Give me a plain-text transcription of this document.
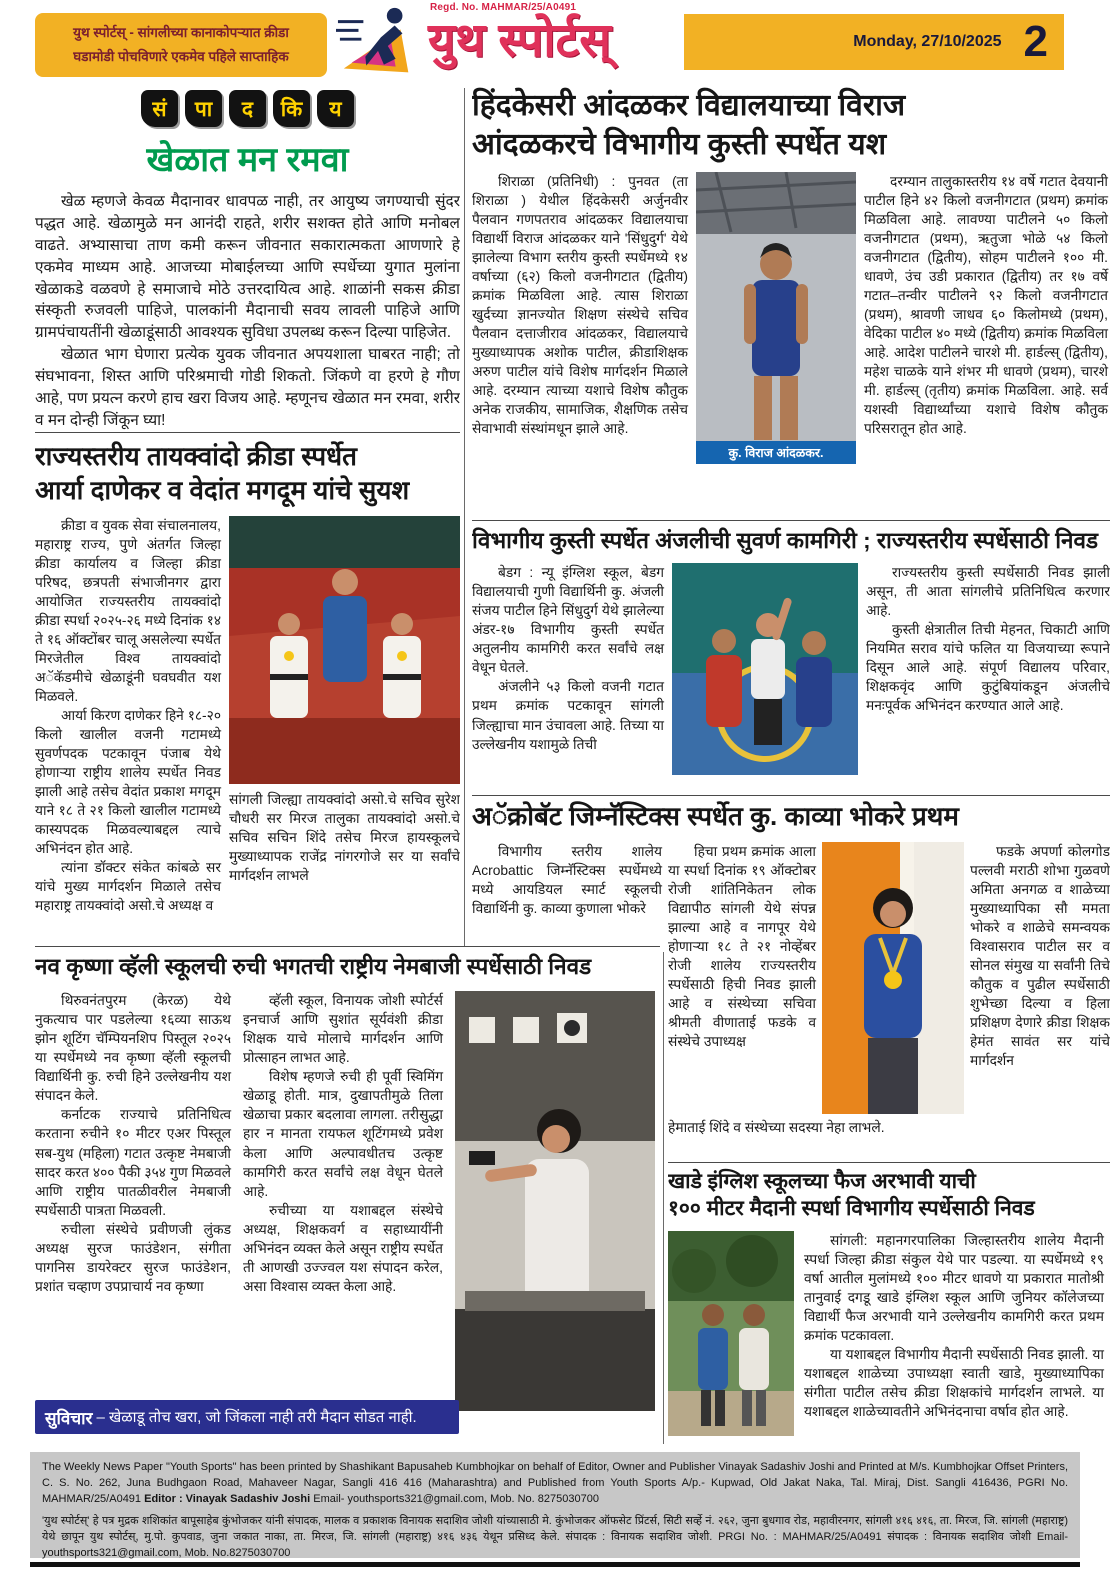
युथ स्पोर्टस् - सांगलीच्या कानाकोपऱ्यात क्रीडा
घडामोडी पोचविणारे एकमेव पहिले साप्ताहिक
Regd. No. MAHMAR/25/A0491
युथ स्पोर्टस्	Monday, 27/10/2025 2
सं	पा	द	कि	य
खेळात मन रमवा

खेळ म्हणजे केवळ मैदानावर धावपळ नाही, तर आयुष्य जगण्याची सुंदर पद्धत आहे. खेळामुळे मन आनंदी राहते, शरीर सशक्त होते आणि मनोबल वाढते. अभ्यासाचा ताण कमी करून जीवनात सकारात्मकता आणणारे हे एकमेव माध्यम आहे. आजच्या मोबाईलच्या आणि स्पर्धेच्या युगात मुलांना खेळाकडे वळवणे हे समाजाचे मोठे उत्तरदायित्व आहे. शाळांनी सकस क्रीडा संस्कृती रुजवली पाहिजे, पालकांनी मैदानाची सवय लावली पाहिजे आणि ग्रामपंचायतींनी खेळाडूंसाठी आवश्यक सुविधा उपलब्ध करून दिल्या पाहिजेत.

खेळात भाग घेणारा प्रत्येक युवक जीवनात अपयशाला घाबरत नाही; तो संघभावना, शिस्त आणि परिश्रमाची गोडी शिकतो. जिंकणे वा हरणे हे गौण आहे, पण प्रयत्न करणे हाच खरा विजय आहे. म्हणूनच खेळात मन रमवा, शरीर व मन दोन्ही जिंकून घ्या!

राज्यस्तरीय तायक्वांदो क्रीडा स्पर्धेत
आर्या दाणेकर व वेदांत मगदूम यांचे सुयश

क्रीडा व युवक सेवा संचालनालय, महाराष्ट्र राज्य, पुणे अंतर्गत जिल्हा क्रीडा कार्यालय व जिल्हा क्रीडा परिषद, छत्रपती संभाजीनगर द्वारा आयोजित राज्यस्तरीय तायक्वांदो क्रीडा स्पर्धा २०२५-२६ मध्ये दिनांक १४ ते १६ ऑक्टोंबर चालू असलेल्या स्पर्धेत मिरजेतील विश्व तायक्वांदो अॅकॅडमीचे खेळाडूंनी घवघवीत यश मिळवले.

आर्या किरण दाणेकर हिने १८-२० किलो खालील वजनी गटामध्ये सुवर्णपदक पटकावून पंजाब येथे होणाऱ्या राष्ट्रीय शालेय स्पर्धेत निवड झाली आहे तसेच वेदांत प्रकाश मगदूम याने १८ ते २१ किलो खालील गटामध्ये कास्यपदक मिळवल्याबद्दल त्याचे अभिनंदन होत आहे.

त्यांना डॉक्टर संकेत कांबळे सर यांचे मुख्य मार्गदर्शन मिळाले तसेच महाराष्ट्र तायक्वांदो असो.चे अध्यक्ष व

सांगली जिल्ह्या तायक्वांदो असो.चे सचिव सुरेश चौधरी सर मिरज तालुका तायक्वांदो असो.चे सचिव सचिन शिंदे तसेच मिरज हायस्कूलचे मुख्याध्यापक राजेंद्र नांगरगोजे सर या सर्वांचे मार्गदर्शन लाभले
हिंदकेसरी आंदळकर विद्यालयाच्या विराज
आंदळकरचे विभागीय कुस्ती स्पर्धेत यश

शिराळा (प्रतिनिधी) : पुनवत (ता शिराळा ) येथील हिंदकेसरी अर्जुनवीर पैलवान गणपतराव आंदळकर विद्यालयाचा विद्यार्थी विराज आंदळकर याने 'सिंधुदुर्ग' येथे झालेल्या विभाग स्तरीय कुस्ती स्पर्धेमध्ये १४ वर्षाच्या (६२) किलो वजनीगटात (द्वितीय) क्रमांक मिळविला आहे. त्यास शिराळा खुर्दच्या ज्ञानज्योत शिक्षण संस्थेचे सचिव पैलवान दत्ताजीराव आंदळकर, विद्यालयाचे मुख्याध्यापक अशोक पाटील, क्रीडाशिक्षक अरुण पाटील यांचे विशेष मार्गदर्शन मिळाले आहे. दरम्यान त्याच्या यशाचे विशेष कौतुक अनेक राजकीय, सामाजिक, शैक्षणिक तसेच सेवाभावी संस्थांमधून झाले आहे.

कु. विराज आंदळकर.

दरम्यान तालुकास्तरीय १४ वर्षे गटात देवयानी पाटील हिने ४२ किलो वजनीगटात (प्रथम) क्रमांक मिळविला आहे. लावण्या पाटीलने ५० किलो वजनीगटात (प्रथम), ऋतुजा भोळे ५४ किलो वजनीगटात (द्वितीय), सोहम पाटीलने १०० मी. धावणे, उंच उडी प्रकारात (द्वितीय) तर १७ वर्षे गटात–तन्वीर पाटीलने ९२ किलो वजनीगटात (प्रथम), श्रावणी जाधव ६० किलोमध्ये (प्रथम), वेदिका पाटील ४० मध्ये (द्वितीय) क्रमांक मिळविला आहे. आदेश पाटीलने चारशे मी. हार्डल्स् (द्वितीय), महेश चाळके याने शंभर मी धावणे (प्रथम), चारशे मी. हार्डल्स् (तृतीय) क्रमांक मिळविला. आहे. सर्व यशस्वी विद्यार्थ्यांच्या यशाचे विशेष कौतुक परिसरातून होत आहे.

विभागीय कुस्ती स्पर्धेत अंजलीची सुवर्ण कामगिरी ; राज्यस्तरीय स्पर्धेसाठी निवड

बेडग : न्यू इंग्लिश स्कूल, बेडग विद्यालयाची गुणी विद्यार्थिनी कु. अंजली संजय पाटील हिने सिंधुदुर्ग येथे झालेल्या अंडर-१७ विभागीय कुस्ती स्पर्धेत अतुलनीय कामगिरी करत सर्वांचे लक्ष वेधून घेतले.

अंजलीने ५३ किलो वजनी गटात प्रथम क्रमांक पटकावून सांगली जिल्ह्याचा मान उंचावला आहे. तिच्या या उल्लेखनीय यशामुळे तिची

राज्यस्तरीय कुस्ती स्पर्धेसाठी निवड झाली असून, ती आता सांगलीचे प्रतिनिधित्व करणार आहे.

कुस्ती क्षेत्रातील तिची मेहनत, चिकाटी आणि नियमित सराव यांचे फलित या विजयाच्या रूपाने दिसून आले आहे. संपूर्ण विद्यालय परिवार, शिक्षकवृंद आणि कुटुंबियांकडून अंजलीचे मनःपूर्वक अभिनंदन करण्यात आले आहे.

अॅक्रोबॅट जिम्नॅस्टिक्स स्पर्धेत कु. काव्या भोकरे प्रथम

विभागीय स्तरीय शालेय Acrobattic जिम्नॅस्टिक्स स्पर्धेमध्ये मध्ये आयडियल स्मार्ट स्कूलची विद्यार्थिनी कु. काव्या कुणाला भोकरे

हिचा प्रथम क्रमांक आला या स्पर्धा दिनांक १९ ऑक्टोबर रोजी शांतिनिकेतन लोक विद्यापीठ सांगली येथे संपन्न झाल्या आहे व नागपूर येथे होणाऱ्या १८ ते २१ नोव्हेंबर रोजी शालेय राज्यस्तरीय स्पर्धेसाठी हिची निवड झाली आहे व संस्थेच्या सचिवा श्रीमती वीणाताई फडके व संस्थेचे उपाध्यक्ष

फडके अपर्णा कोलगोड पल्लवी मराठी शोभा गुळवणे अमिता अनगळ व शाळेच्या मुख्याध्यापिका सौ ममता भोकरे व शाळेचे समन्वयक विश्वासराव पाटील सर व सोनल संमुख या सर्वांनी तिचे कौतुक व पुढील स्पर्धेसाठी शुभेच्छा दिल्या व हिला प्रशिक्षण देणारे क्रीडा शिक्षक हेमंत सावंत सर यांचे मार्गदर्शन

हेमाताई शिंदे व संस्थेच्या सदस्या नेहा लाभले.
नव कृष्णा व्हॅली स्कूलची रुची भगतची राष्ट्रीय नेमबाजी स्पर्धेसाठी निवड

थिरुवनंतपुरम (केरळ) येथे नुकत्याच पार पडलेल्या १६व्या साऊथ झोन शूटिंग चॅम्पियनशिप पिस्तूल २०२५ या स्पर्धेमध्ये नव कृष्णा व्हॅली स्कूलची विद्यार्थिनी कु. रुची हिने उल्लेखनीय यश संपादन केले.

कर्नाटक राज्याचे प्रतिनिधित्व करताना रुचीने १० मीटर एअर पिस्तूल सब-युथ (महिला) गटात उत्कृष्ट नेमबाजी सादर करत ४०० पैकी ३५४ गुण मिळवले आणि राष्ट्रीय पातळीवरील नेमबाजी स्पर्धेसाठी पात्रता मिळवली.

रुचीला संस्थेचे प्रवीणजी लुंकड अध्यक्ष सुरज फाउंडेशन, संगीता पागनिस डायरेक्टर सुरज फाउंडेशन, प्रशांत चव्हाण उपप्राचार्य नव कृष्णा

व्हॅली स्कूल, विनायक जोशी स्पोर्टर्स इनचार्ज आणि सुशांत सूर्यवंशी क्रीडा शिक्षक याचे मोलाचे मार्गदर्शन आणि प्रोत्साहन लाभत आहे.

विशेष म्हणजे रुची ही पूर्वी स्विमिंग खेळाडू होती. मात्र, दुखापतीमुळे तिला खेळाचा प्रकार बदलावा लागला. तरीसुद्धा हार न मानता रायफल शूटिंगमध्ये प्रवेश केला आणि अल्पावधीतच उत्कृष्ट कामगिरी करत सर्वांचे लक्ष वेधून घेतले आहे.

रुचीच्या या यशाबद्दल संस्थेचे अध्यक्ष, शिक्षकवर्ग व सहाध्यायींनी अभिनंदन व्यक्त केले असून राष्ट्रीय स्पर्धेत ती आणखी उज्ज्वल यश संपादन करेल, असा विश्वास व्यक्त केला आहे.

सुविचार – खेळाडू तोच खरा, जो जिंकला नाही तरी मैदान सोडत नाही.
खाडे इंग्लिश स्कूलच्या फैज अरभावी याची
१०० मीटर मैदानी स्पर्धा विभागीय स्पर्धेसाठी निवड

सांगली: महानगरपालिका जिल्हास्तरीय शालेय मैदानी स्पर्धा जिल्हा क्रीडा संकुल येथे पार पडल्या. या स्पर्धेमध्ये १९ वर्षा आतील मुलांमध्ये १०० मीटर धावणे या प्रकारात मातोश्री तानुवाई दगडू खाडे इंग्लिश स्कूल आणि जुनियर कॉलेजच्या विद्यार्थी फैज अरभावी याने उल्लेखनीय कामगिरी करत प्रथम क्रमांक पटकावला.

या यशाबद्दल विभागीय मैदानी स्पर्धेसाठी निवड झाली. या यशाबद्दल शाळेच्या उपाध्यक्षा स्वाती खाडे, मुख्याध्यापिका संगीता पाटील तसेच क्रीडा शिक्षकांचे मार्गदर्शन लाभले. या यशाबद्दल शाळेच्यावतीने अभिनंदनाचा वर्षाव होत आहे.

The Weekly News Paper "Youth Sports" has been printed by Shashikant Bapusaheb Kumbhojkar on behalf of Editor, Owner and Publisher Vinayak Sadashiv Joshi and Printed at M/s. Kumbhojkar Offset Printers, C. S. No. 262, Juna Budhgaon Road, Mahaveer Nagar, Sangli 416 416 (Maharashtra) and Published from Youth Sports A/p.- Kupwad, Old Jakat Naka, Tal. Miraj, Dist. Sangli 416436, PGRI No. MAHMAR/25/A0491 Editor : Vinayak Sadashiv Joshi Email- youthsports321@gmail.com, Mob. No. 8275030700
'युथ स्पोर्टस्' हे पत्र मुद्रक शशिकांत बापूसाहेब कुंभोजकर यांनी संपादक, मालक व प्रकाशक विनायक सदाशिव जोशी यांच्यासाठी मे. कुंभोजकर ऑफसेट प्रिंटर्स, सिटी सर्व्हे नं. २६२, जुना बुधगाव रोड, महावीरनगर, सांगली ४१६ ४१६, ता. मिरज, जि. सांगली (महाराष्ट्र) येथे छापून युथ स्पोर्टस्, मु.पो. कुपवाड, जुना जकात नाका, ता. मिरज, जि. सांगली (महाराष्ट्र) ४१६ ४३६ येथून प्रसिध्द केले. संपादक : विनायक सदाशिव जोशी. PRGI No. : MAHMAR/25/A0491 संपादक : विनायक सदाशिव जोशी Email- youthsports321@gmail.com, Mob. No.8275030700
